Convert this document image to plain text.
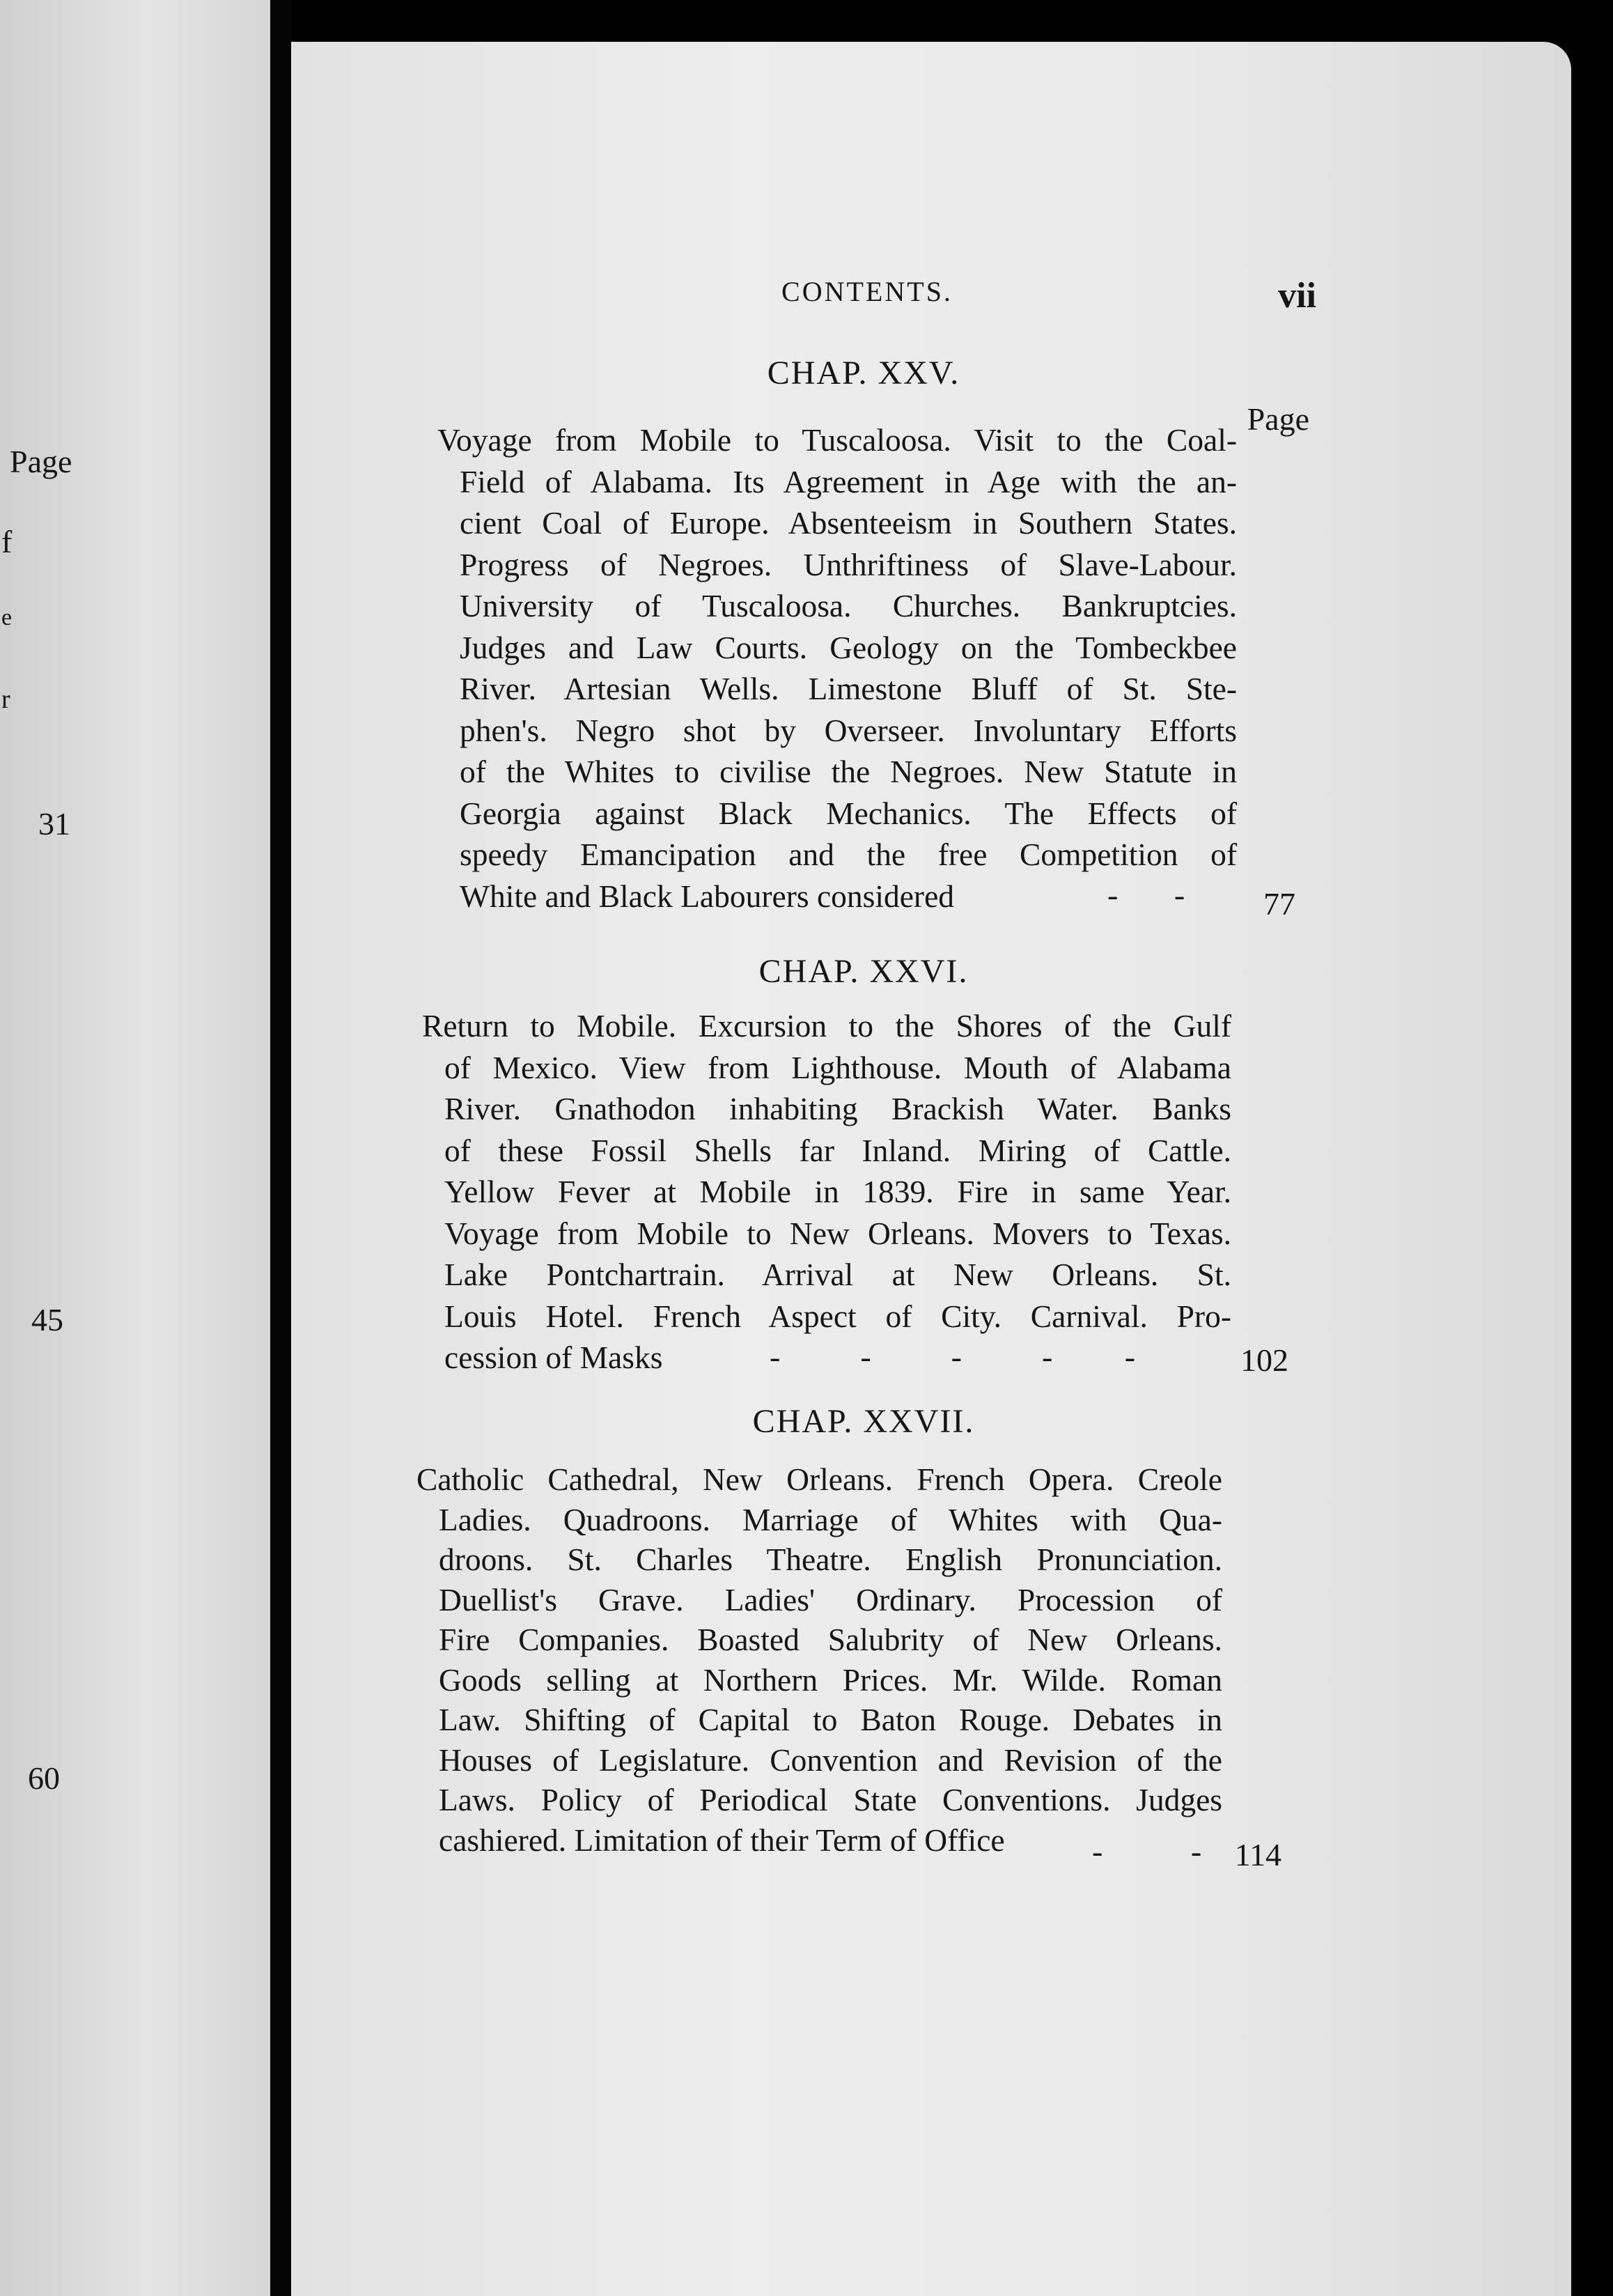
Page
f
e
r
31
45
60
CONTENTS.	vii
CHAP. XXV.
Page
Voyage from Mobile to Tuscaloosa. Visit to the Coal-
Field of Alabama. Its Agreement in Age with the an-
cient Coal of Europe. Absenteeism in Southern States.
Progress of Negroes. Unthriftiness of Slave-Labour.
University of Tuscaloosa. Churches. Bankruptcies.
Judges and Law Courts. Geology on the Tombeckbee
River. Artesian Wells. Limestone Bluff of St. Ste-
phen's. Negro shot by Overseer. Involuntary Efforts
of the Whites to civilise the Negroes. New Statute in
Georgia against Black Mechanics. The Effects of
speedy Emancipation and the free Competition of
White and Black Labourers considered	-       -	77
CHAP. XXVI.
Return to Mobile. Excursion to the Shores of the Gulf
of Mexico. View from Lighthouse. Mouth of Alabama
River. Gnathodon inhabiting Brackish Water. Banks
of these Fossil Shells far Inland. Miring of Cattle.
Yellow Fever at Mobile in 1839. Fire in same Year.
Voyage from Mobile to New Orleans. Movers to Texas.
Lake Pontchartrain. Arrival at New Orleans. St.
Louis Hotel. French Aspect of City. Carnival. Pro-
cession of Masks	-          -          -          -         -	102
CHAP. XXVII.
Catholic Cathedral, New Orleans. French Opera. Creole
Ladies. Quadroons. Marriage of Whites with Qua-
droons. St. Charles Theatre. English Pronunciation.
Duellist's Grave. Ladies' Ordinary. Procession of
Fire Companies. Boasted Salubrity of New Orleans.
Goods selling at Northern Prices. Mr. Wilde. Roman
Law. Shifting of Capital to Baton Rouge. Debates in
Houses of Legislature. Convention and Revision of the
Laws. Policy of Periodical State Conventions. Judges
cashiered. Limitation of their Term of Office	-           -	114
